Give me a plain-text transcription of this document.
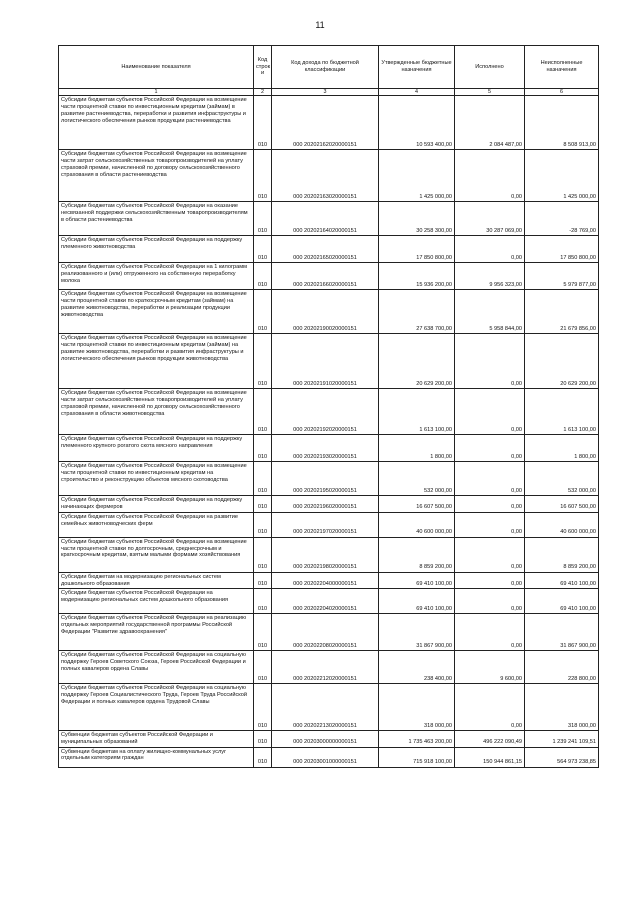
11
Наименование показателя	Код строк и	Код дохода по бюджетной классификации	Утвержденные бюджетные назначения	Исполнено	Неисполненные назначения
1	2	3	4	5	6
Субсидии бюджетам субъектов Российской Федерации на возмещение части процентной ставки по инвестиционным кредитам (займам) в развитие растениеводства, переработки и развития инфраструктуры и логистического обеспечения рынков продукции растениеводства	010	000 20202162020000151	10 593 400,00	2 084 487,00	8 508 913,00
Субсидии бюджетам субъектов Российской Федерации на возмещение части затрат сельскохозяйственных товаропроизводителей на уплату страховой премии, начисленной по договору сельскохозяйственного страхования в области растениеводства	010	000 20202163020000151	1 425 000,00	0,00	1 425 000,00
Субсидии бюджетам субъектов Российской Федерации на оказание несвязанной поддержки сельскохозяйственным товаропроизводителям в области растениеводства	010	000 20202164020000151	30 258 300,00	30 287 069,00	-28 769,00
Субсидии бюджетам субъектов Российской Федерации на поддержку племенного животноводства	010	000 20202165020000151	17 850 800,00	0,00	17 850 800,00
Субсидии бюджетам субъектов Российской Федерации на 1 килограмм реализованного и (или) отгруженного на собственную переработку молока	010	000 20202166020000151	15 936 200,00	9 956 323,00	5 979 877,00
Субсидии бюджетам субъектов Российской Федерации на возмещение части процентной ставки по краткосрочным кредитам (займам) на развитие животноводства, переработки и реализации продукции животноводства	010	000 20202190020000151	27 638 700,00	5 958 844,00	21 679 856,00
Субсидии бюджетам субъектов Российской Федерации на возмещение части процентной ставки по инвестиционным кредитам (займам) на развитие животноводства, переработки и развития инфраструктуры и логистического обеспечения рынков продукции животноводства	010	000 20202191020000151	20 629 200,00	0,00	20 629 200,00
Субсидии бюджетам субъектов Российской Федерации на возмещение части затрат сельскохозяйственных товаропроизводителей на уплату страховой премии, начисленной по договору сельскохозяйственного страхования в области животноводства	010	000 20202192020000151	1 613 100,00	0,00	1 613 100,00
Субсидии бюджетам субъектов Российской Федерации на поддержку племенного крупного рогатого скота мясного направления	010	000 20202193020000151	1 800,00	0,00	1 800,00
Субсидии бюджетам субъектов Российской Федерации на возмещение части процентной ставки по инвестиционным кредитам на строительство и реконструкцию объектов мясного скотоводства	010	000 20202195020000151	532 000,00	0,00	532 000,00
Субсидии бюджетам субъектов Российской Федерации на поддержку начинающих фермеров	010	000 20202196020000151	16 607 500,00	0,00	16 607 500,00
Субсидии бюджетам субъектов Российской Федерации на развитие семейных животноводческих ферм	010	000 20202197020000151	40 600 000,00	0,00	40 600 000,00
Субсидии бюджетам субъектов Российской Федерации на возмещение части процентной ставки по долгосрочным, среднесрочным и краткосрочным кредитам, взятым малыми формами хозяйствования	010	000 20202198020000151	8 859 200,00	0,00	8 859 200,00
Субсидии бюджетам на модернизацию региональных систем дошкольного образования	010	000 20202204000000151	69 410 100,00	0,00	69 410 100,00
Субсидии бюджетам субъектов Российской Федерации на модернизацию региональных систем дошкольного образования	010	000 20202204020000151	69 410 100,00	0,00	69 410 100,00
Субсидии бюджетам субъектов Российской Федерации на реализацию отдельных мероприятий государственной программы Российской Федерации "Развитие здравоохранения"	010	000 20202208020000151	31 867 900,00	0,00	31 867 900,00
Субсидии бюджетам субъектов Российской Федерации на социальную поддержку Героев Советского Союза, Героев Российской Федерации и полных кавалеров ордена Славы	010	000 20202212020000151	238 400,00	9 600,00	228 800,00
Субсидии бюджетам субъектов Российской Федерации на социальную поддержку Героев Социалистического Труда, Героев Труда Российской Федерации и полных кавалеров ордена Трудовой Славы	010	000 20202213020000151	318 000,00	0,00	318 000,00
Субвенции бюджетам субъектов Российской Федерации и муниципальных образований	010	000 20203000000000151	1 735 463 200,00	496 222 090,49	1 239 241 109,51
Субвенции бюджетам на оплату жилищно-коммунальных услуг отдельным категориям граждан	010	000 20203001000000151	715 918 100,00	150 944 861,15	564 973 238,85
